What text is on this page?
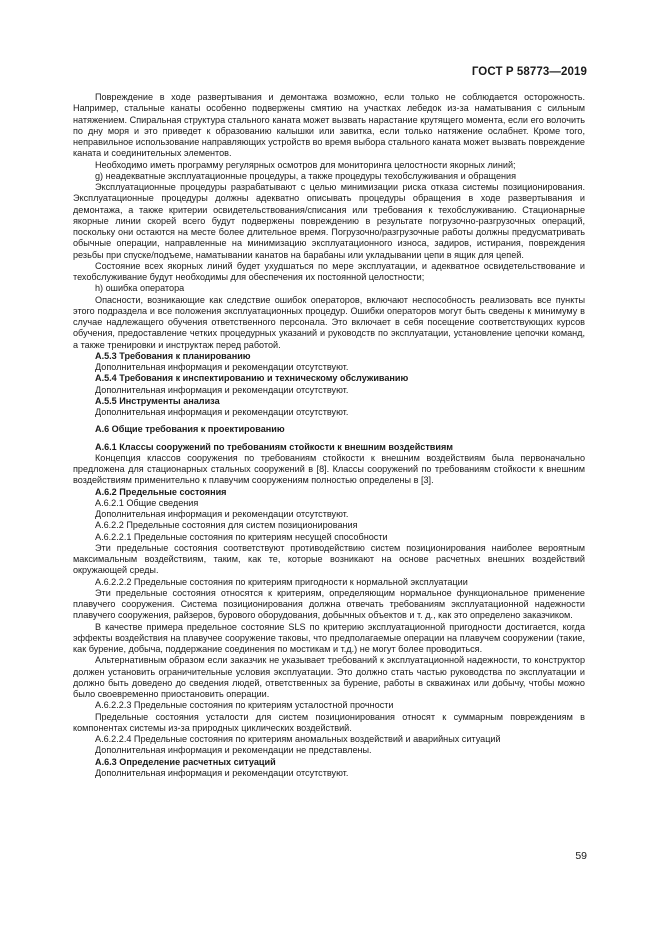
ГОСТ Р 58773—2019

Повреждение в ходе развертывания и демонтажа возможно, если только не соблюдается осторожность. Например, стальные канаты особенно подвержены смятию на участках лебедок из-за наматывания с сильным натяжением. Спиральная структура стального каната может вызвать нарастание крутящего момента, если его волочить по дну моря и это приведет к образованию калышки или завитка, если только натяжение ослабнет. Кроме того, неправильное использование направляющих устройств во время выбора стального каната может вызвать повреждение каната и соединительных элементов.

Необходимо иметь программу регулярных осмотров для мониторинга целостности якорных линий;

g) неадекватные эксплуатационные процедуры, а также процедуры техобслуживания и обращения

Эксплуатационные процедуры разрабатывают с целью минимизации риска отказа системы позиционирования. Эксплуатационные процедуры должны адекватно описывать процедуры обращения в ходе развертывания и демонтажа, а также критерии освидетельствования/списания или требования к техобслуживанию. Стационарные якорные линии скорей всего будут подвержены повреждению в результате погрузочно-разгрузочных операций, поскольку они остаются на месте более длительное время. Погрузочно/разгрузочные работы должны предусматривать обычные операции, направленные на минимизацию эксплуатационного износа, задиров, истирания, повреждения резьбы при спуске/подъеме, наматывании канатов на барабаны или укладывании цепи в ящик для цепей.

Состояние всех якорных линий будет ухудшаться по мере эксплуатации, и адекватное освидетельствование и техобслуживание будут необходимы для обеспечения их постоянной целостности;

h) ошибка оператора

Опасности, возникающие как следствие ошибок операторов, включают неспособность реализовать все пункты этого подраздела и все положения эксплуатационных процедур. Ошибки операторов могут быть сведены к минимуму в случае надлежащего обучения ответственного персонала. Это включает в себя посещение соответствующих курсов обучения, предоставление четких процедурных указаний и руководств по эксплуатации, установление цепочки команд, а также тренировки и инструктаж перед работой.

А.5.3 Требования к планированию

Дополнительная информация и рекомендации отсутствуют.

А.5.4 Требования к инспектированию и техническому обслуживанию

Дополнительная информация и рекомендации отсутствуют.

А.5.5 Инструменты анализа

Дополнительная информация и рекомендации отсутствуют.

А.6 Общие требования к проектированию

А.6.1 Классы сооружений по требованиям стойкости к внешним воздействиям

Концепция классов сооружения по требованиям стойкости к внешним воздействиям была первоначально предложена для стационарных стальных сооружений в [8]. Классы сооружений по требованиям стойкости к внешним воздействиям применительно к плавучим сооружениям полностью определены в [3].

А.6.2 Предельные состояния

А.6.2.1 Общие сведения

Дополнительная информация и рекомендации отсутствуют.

А.6.2.2 Предельные состояния для систем позиционирования

А.6.2.2.1 Предельные состояния по критериям несущей способности

Эти предельные состояния соответствуют противодействию систем позиционирования наиболее вероятным максимальным воздействиям, таким, как те, которые возникают на основе расчетных внешних воздействий окружающей среды.

А.6.2.2.2 Предельные состояния по критериям пригодности к нормальной эксплуатации

Эти предельные состояния относятся к критериям, определяющим нормальное функциональное применение плавучего сооружения. Система позиционирования должна отвечать требованиям эксплуатационной надежности плавучего сооружения, райзеров, бурового оборудования, добычных объектов и т. д., как это определено заказчиком.

В качестве примера предельное состояние SLS по критерию эксплуатационной пригодности достигается, когда эффекты воздействия на плавучее сооружение таковы, что предполагаемые операции на плавучем сооружении (такие, как бурение, добыча, поддержание соединения по мостикам и т.д.) не могут более проводиться.

Альтернативным образом если заказчик не указывает требований к эксплуатационной надежности, то конструктор должен установить ограничительные условия эксплуатации. Это должно стать частью руководства по эксплуатации и должно быть доведено до сведения людей, ответственных за бурение, работы в скважинах или добычу, чтобы можно было своевременно приостановить операции.

А.6.2.2.3 Предельные состояния по критериям усталостной прочности

Предельные состояния усталости для систем позиционирования относят к суммарным повреждениям в компонентах системы из-за природных циклических воздействий.

А.6.2.2.4 Предельные состояния по критериям аномальных воздействий и аварийных ситуаций

Дополнительная информация и рекомендации не представлены.

А.6.3 Определение расчетных ситуаций

Дополнительная информация и рекомендации отсутствуют.

59
